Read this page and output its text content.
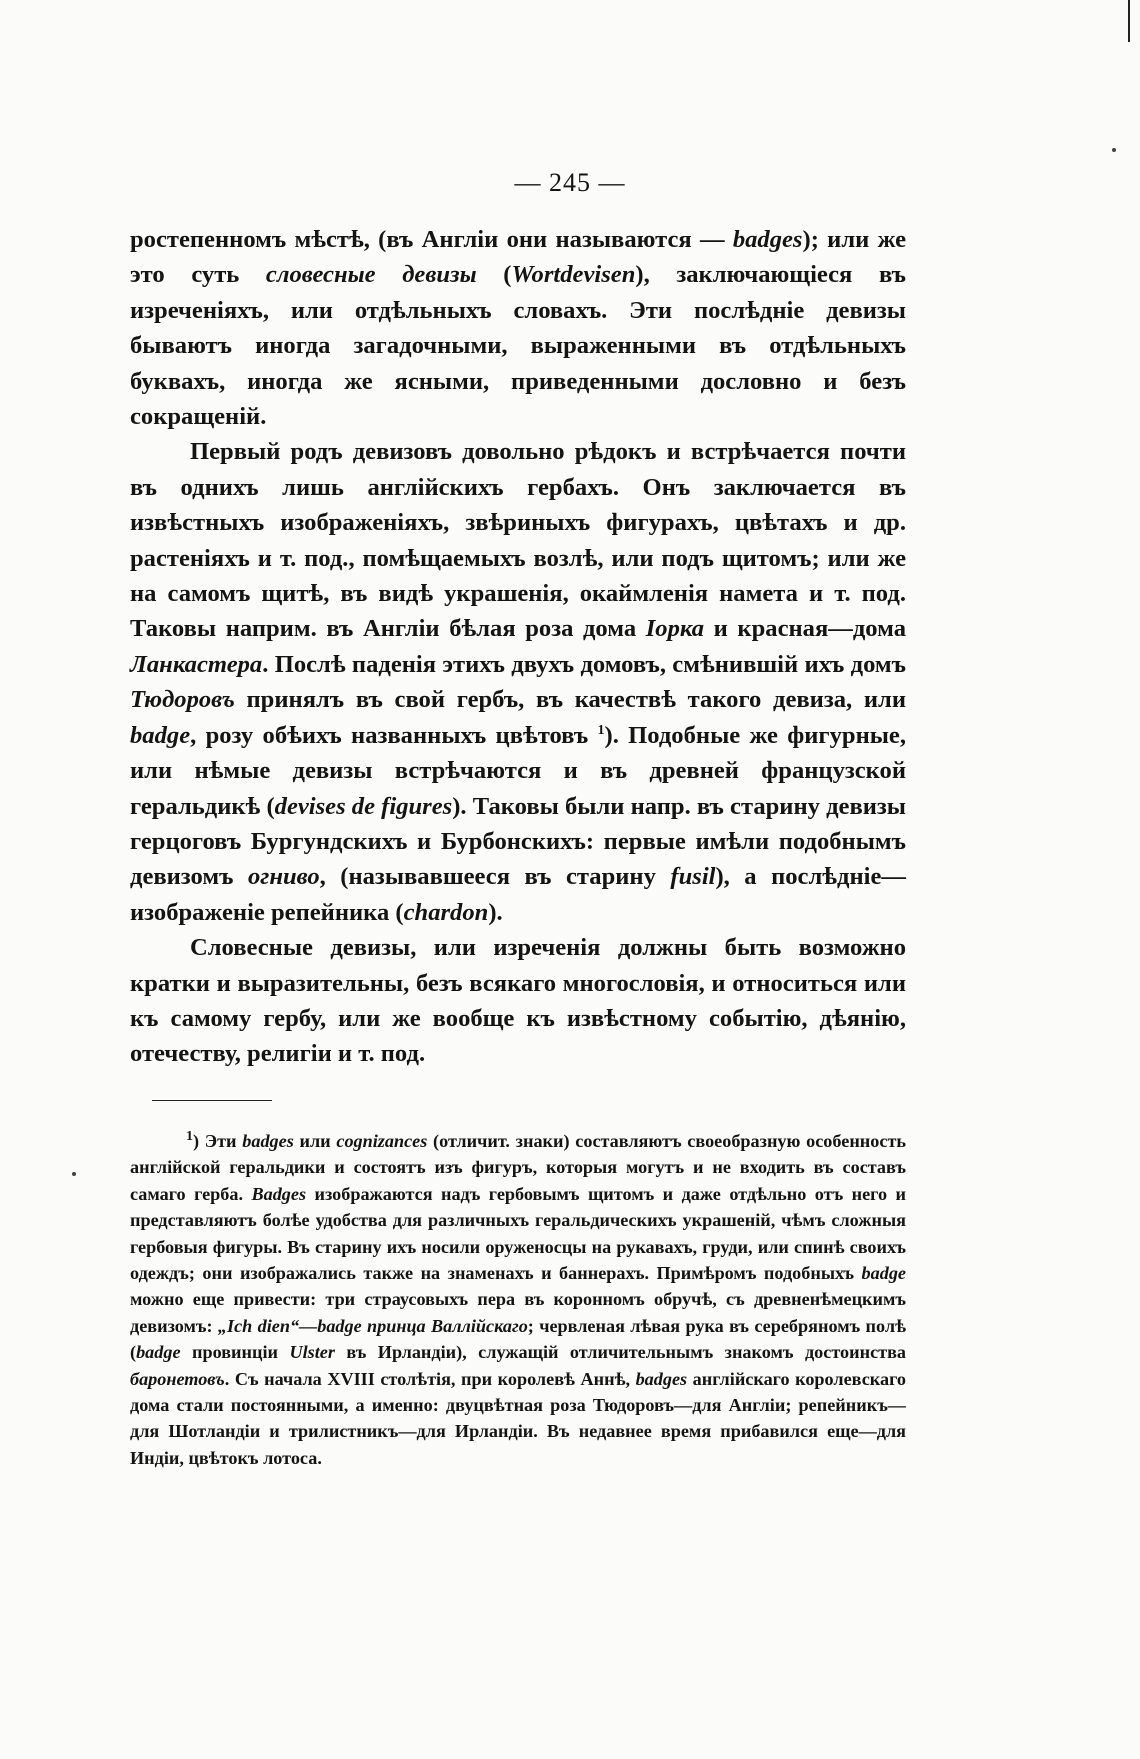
— 245 —

ростепенномъ мѣстѣ, (въ Англіи они называются — badges); или же это суть словесные девизы (Wortdevisen), заключающіеся въ изреченіяхъ, или отдѣльныхъ словахъ. Эти послѣдніе девизы бываютъ иногда загадочными, выраженными въ отдѣльныхъ буквахъ, иногда же ясными, приведенными дословно и безъ сокращеній.

Первый родъ девизовъ довольно рѣдокъ и встрѣчается почти въ однихъ лишь англійскихъ гербахъ. Онъ заключается въ извѣстныхъ изображеніяхъ, звѣриныхъ фигурахъ, цвѣтахъ и др. растеніяхъ и т. под., помѣщаемыхъ возлѣ, или подъ щитомъ; или же на самомъ щитѣ, въ видѣ украшенія, окаймленія намета и т. под. Таковы наприм. въ Англіи бѣлая роза дома Iорка и красная—дома Ланкастера. Послѣ паденія этихъ двухъ домовъ, смѣнившій ихъ домъ Тюдоровъ принялъ въ свой гербъ, въ качествѣ такого девиза, или badge, розу обѣихъ названныхъ цвѣтовъ $^1$). Подобные же фигурные, или нѣмые девизы встрѣчаются и въ древней французской геральдикѣ (devises de figures). Таковы были напр. въ старину девизы герцоговъ Бургундскихъ и Бурбонскихъ: первые имѣли подобнымъ девизомъ огниво, (называвшееся въ старину fusil), а послѣдніе—изображеніе репейника (chardon).

Словесные девизы, или изреченія должны быть возможно кратки и выразительны, безъ всякаго многословія, и относиться или къ самому гербу, или же вообще къ извѣстному событію, дѣянію, отечеству, религіи и т. под.

$^1$) Эти badges или cognizances (отличит. знаки) составляютъ своеобразную особенность англійской геральдики и состоятъ изъ фигуръ, которыя могутъ и не входить въ составъ самаго герба. Badges изображаются надъ гербовымъ щитомъ и даже отдѣльно отъ него и представляютъ болѣе удобства для различныхъ геральдическихъ украшеній, чѣмъ сложныя гербовыя фигуры. Въ старину ихъ носили оруженосцы на рукавахъ, груди, или спинѣ своихъ одеждъ; они изображались также на знаменахъ и баннерахъ. Примѣромъ подобныхъ badge можно еще привести: три страусовыхъ пера въ коронномъ обручѣ, съ древненѣмецкимъ девизомъ: „Ich dien“—badge принца Валлійскаго; червленая лѣвая рука въ серебряномъ полѣ (badge провинціи Ulster въ Ирландіи), служащій отличительнымъ знакомъ достоинства баронетовъ. Съ начала XVIII столѣтія, при королевѣ Аннѣ, badges англійскаго королевскаго дома стали постоянными, а именно: двуцвѣтная роза Тюдоровъ—для Англіи; репейникъ—для Шотландіи и трилистникъ—для Ирландіи. Въ недавнее время прибавился еще—для Индіи, цвѣтокъ лотоса.
